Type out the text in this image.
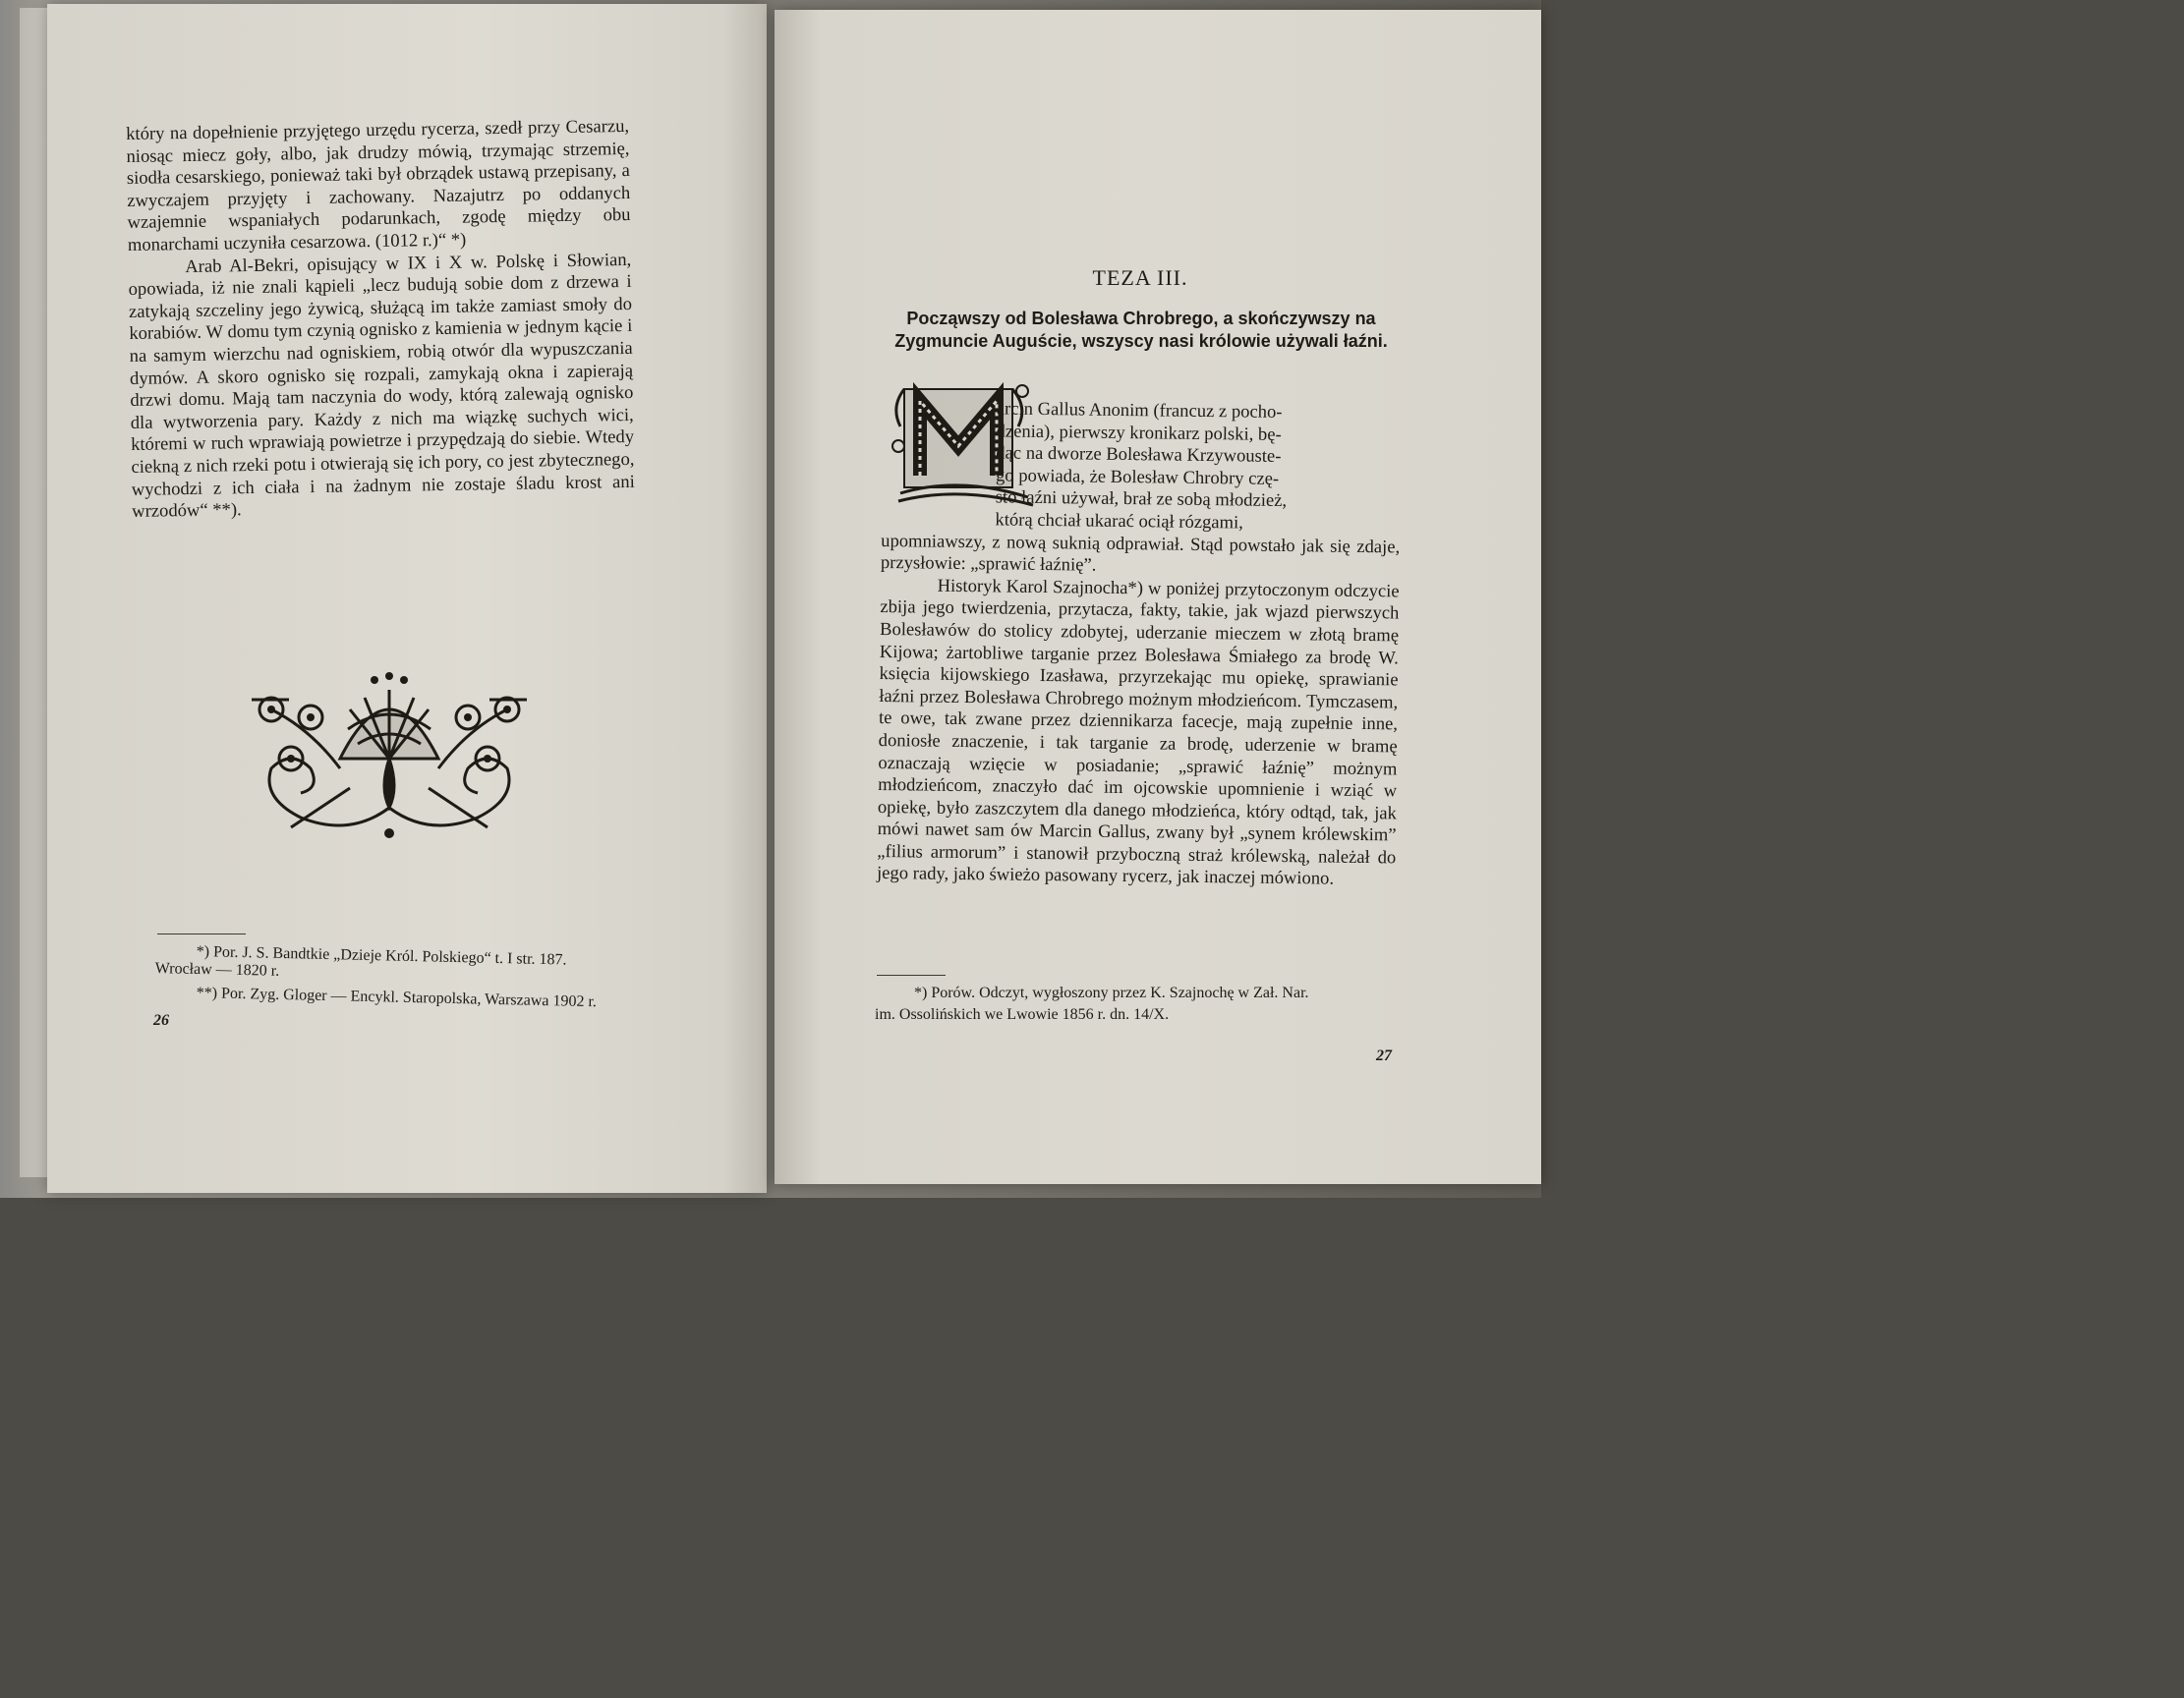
który na dopełnienie przyjętego urzędu rycerza, szedł przy Cesarzu, niosąc miecz goły, albo, jak drudzy mówią, trzymając strzemię, siodła cesarskiego, ponieważ taki był obrządek ustawą przepisany, a zwyczajem przyjęty i zachowany. Nazajutrz po oddanych wzajemnie wspaniałych podarunkach, zgodę między obu monarchami uczyniła cesarzowa. (1012 r.)“ *)

Arab Al-Bekri, opisujący w IX i X w. Polskę i Słowian, opowiada, iż nie znali kąpieli „lecz budują sobie dom z drzewa i zatykają szczeliny jego żywicą, służącą im także zamiast smoły do korabiów. W domu tym czynią ognisko z kamienia w jednym kącie i na samym wierzchu nad ogniskiem, robią otwór dla wypuszczania dymów. A skoro ognisko się rozpali, zamykają okna i zapierają drzwi domu. Mają tam naczynia do wody, którą zalewają ognisko dla wytworzenia pary. Każdy z nich ma wiązkę suchych wici, któremi w ruch wprawiają powietrze i przypędzają do siebie. Wtedy ciekną z nich rzeki potu i otwierają się ich pory, co jest zbytecznego, wychodzi z ich ciała i na żadnym nie zostaje śladu krost ani wrzodów“ **).

*) Por. J. S. Bandtkie „Dzieje Król. Polskiego“ t. I str. 187.
Wrocław — 1820 r.
**) Por. Zyg. Gloger — Encykl. Staropolska, Warszawa 1902 r.
26
TEZA III.
Począwszy od Bolesława Chrobrego, a skończywszy na Zygmuncie Auguście, wszyscy nasi królowie używali łaźni.
arcin Gallus Anonim (francuz z pocho-
dzenia), pierwszy kronikarz polski, bę-
dąc na dworze Bolesława Krzywouste-
go powiada, że Bolesław Chrobry czę-
sto łaźni używał, brał ze sobą młodzież,
którą chciał ukarać ociął rózgami,

upomniawszy, z nową suknią odprawiał. Stąd powstało jak się zdaje, przysłowie: „sprawić łaźnię”.

Historyk Karol Szajnocha*) w poniżej przytoczonym odczycie zbija jego twierdzenia, przytacza, fakty, takie, jak wjazd pierwszych Bolesławów do stolicy zdobytej, uderzanie mieczem w złotą bramę Kijowa; żartobliwe targanie przez Bolesława Śmiałego za brodę W. księcia kijowskiego Izasława, przyrzekając mu opiekę, sprawianie łaźni przez Bolesława Chrobrego możnym młodzieńcom. Tymczasem, te owe, tak zwane przez dziennikarza facecje, mają zupełnie inne, doniosłe znaczenie, i tak targanie za brodę, uderzenie w bramę oznaczają wzięcie w posiadanie; „sprawić łaźnię” możnym młodzieńcom, znaczyło dać im ojcowskie upomnienie i wziąć w opiekę, było zaszczytem dla danego młodzieńca, który odtąd, tak, jak mówi nawet sam ów Marcin Gallus, zwany był „synem królewskim” „filius armorum” i stanowił przyboczną straż królewską, należał do jego rady, jako świeżo pasowany rycerz, jak inaczej mówiono.

*) Porów. Odczyt, wygłoszony przez K. Szajnochę w Zał. Nar.
im. Ossolińskich we Lwowie 1856 r. dn. 14/X.
27
